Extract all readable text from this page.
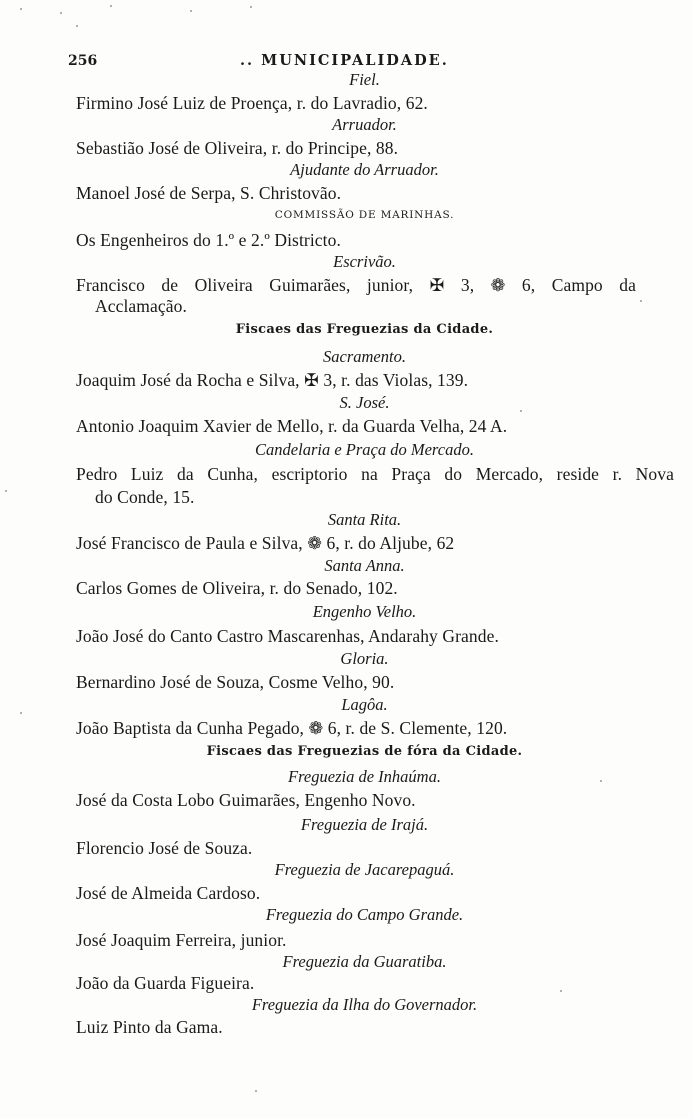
256	.. MUNICIPALIDADE.
Fiel.
Firmino José Luiz de Proença, r. do Lavradio, 62.
Arruador.
Sebastião José de Oliveira, r. do Principe, 88.
Ajudante do Arruador.
Manoel José de Serpa, S. Christovão.
COMMISSÃO DE MARINHAS.
Os Engenheiros do 1.º e 2.º Districto.
Escrivão.
Francisco de Oliveira Guimarães, junior, ✠ 3, ❁ 6, Campo da
Acclamação.
Fiscaes das Freguezias da Cidade.
Sacramento.
Joaquim José da Rocha e Silva, ✠ 3, r. das Violas, 139.
S. José.
Antonio Joaquim Xavier de Mello, r. da Guarda Velha, 24 A.
Candelaria e Praça do Mercado.
Pedro Luiz da Cunha, escriptorio na Praça do Mercado, reside r. Nova
do Conde, 15.
Santa Rita.
José Francisco de Paula e Silva, ❁ 6, r. do Aljube, 62
Santa Anna.
Carlos Gomes de Oliveira, r. do Senado, 102.
Engenho Velho.
João José do Canto Castro Mascarenhas, Andarahy Grande.
Gloria.
Bernardino José de Souza, Cosme Velho, 90.
Lagôa.
João Baptista da Cunha Pegado, ❁ 6, r. de S. Clemente, 120.
Fiscaes das Freguezias de fóra da Cidade.
Freguezia de Inhaúma.
José da Costa Lobo Guimarães, Engenho Novo.
Freguezia de Irajá.
Florencio José de Souza.
Freguezia de Jacarepaguá.
José de Almeida Cardoso.
Freguezia do Campo Grande.
José Joaquim Ferreira, junior.
Freguezia da Guaratiba.
João da Guarda Figueira.
Freguezia da Ilha do Governador.
Luiz Pinto da Gama.
